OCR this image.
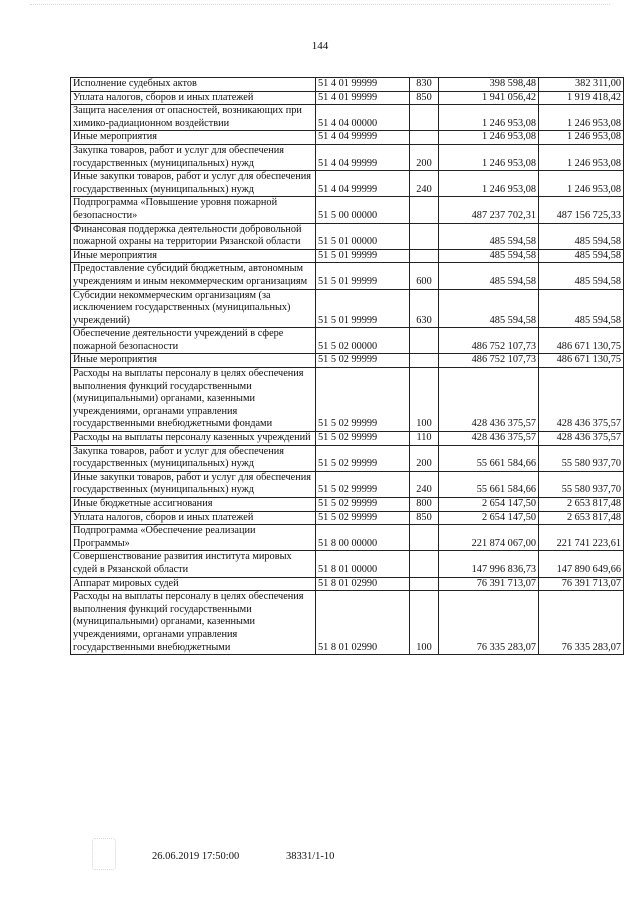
144
Исполнение судебных актов	51 4 01 99999	830	398 598,48	382 311,00
Уплата налогов, сборов и иных платежей	51 4 01 99999	850	1 941 056,42	1 919 418,42
Защита населения от опасностей, возникающих при химико-радиационном воздействии	51 4 04 00000		1 246 953,08	1 246 953,08
Иные мероприятия	51 4 04 99999		1 246 953,08	1 246 953,08
Закупка товаров, работ и услуг для обеспечения государственных (муниципальных) нужд	51 4 04 99999	200	1 246 953,08	1 246 953,08
Иные закупки товаров, работ и услуг для обеспечения государственных (муниципальных) нужд	51 4 04 99999	240	1 246 953,08	1 246 953,08
Подпрограмма «Повышение уровня пожарной безопасности»	51 5 00 00000		487 237 702,31	487 156 725,33
Финансовая поддержка деятельности добровольной пожарной охраны на территории Рязанской области	51 5 01 00000		485 594,58	485 594,58
Иные мероприятия	51 5 01 99999		485 594,58	485 594,58
Предоставление субсидий бюджетным, автономным учреждениям и иным некоммерческим организациям	51 5 01 99999	600	485 594,58	485 594,58
Субсидии некоммерческим организациям (за исключением государственных (муниципальных) учреждений)	51 5 01 99999	630	485 594,58	485 594,58
Обеспечение деятельности учреждений в сфере пожарной безопасности	51 5 02 00000		486 752 107,73	486 671 130,75
Иные мероприятия	51 5 02 99999		486 752 107,73	486 671 130,75
Расходы на выплаты персоналу в целях обеспечения выполнения функций государственными (муниципальными) органами, казенными учреждениями, органами управления государственными внебюджетными фондами	51 5 02 99999	100	428 436 375,57	428 436 375,57
Расходы на выплаты персоналу казенных учреждений	51 5 02 99999	110	428 436 375,57	428 436 375,57
Закупка товаров, работ и услуг для обеспечения государственных (муниципальных) нужд	51 5 02 99999	200	55 661 584,66	55 580 937,70
Иные закупки товаров, работ и услуг для обеспечения государственных (муниципальных) нужд	51 5 02 99999	240	55 661 584,66	55 580 937,70
Иные бюджетные ассигнования	51 5 02 99999	800	2 654 147,50	2 653 817,48
Уплата налогов, сборов и иных платежей	51 5 02 99999	850	2 654 147,50	2 653 817,48
Подпрограмма «Обеспечение реализации Программы»	51 8 00 00000		221 874 067,00	221 741 223,61
Совершенствование развития института мировых судей в Рязанской области	51 8 01 00000		147 996 836,73	147 890 649,66
Аппарат мировых судей	51 8 01 02990		76 391 713,07	76 391 713,07
Расходы на выплаты персоналу в целях обеспечения выполнения функций государственными (муниципальными) органами, казенными учреждениями, органами управления государственными внебюджетными	51 8 01 02990	100	76 335 283,07	76 335 283,07
26.06.2019 17:50:00	38331/1-10
